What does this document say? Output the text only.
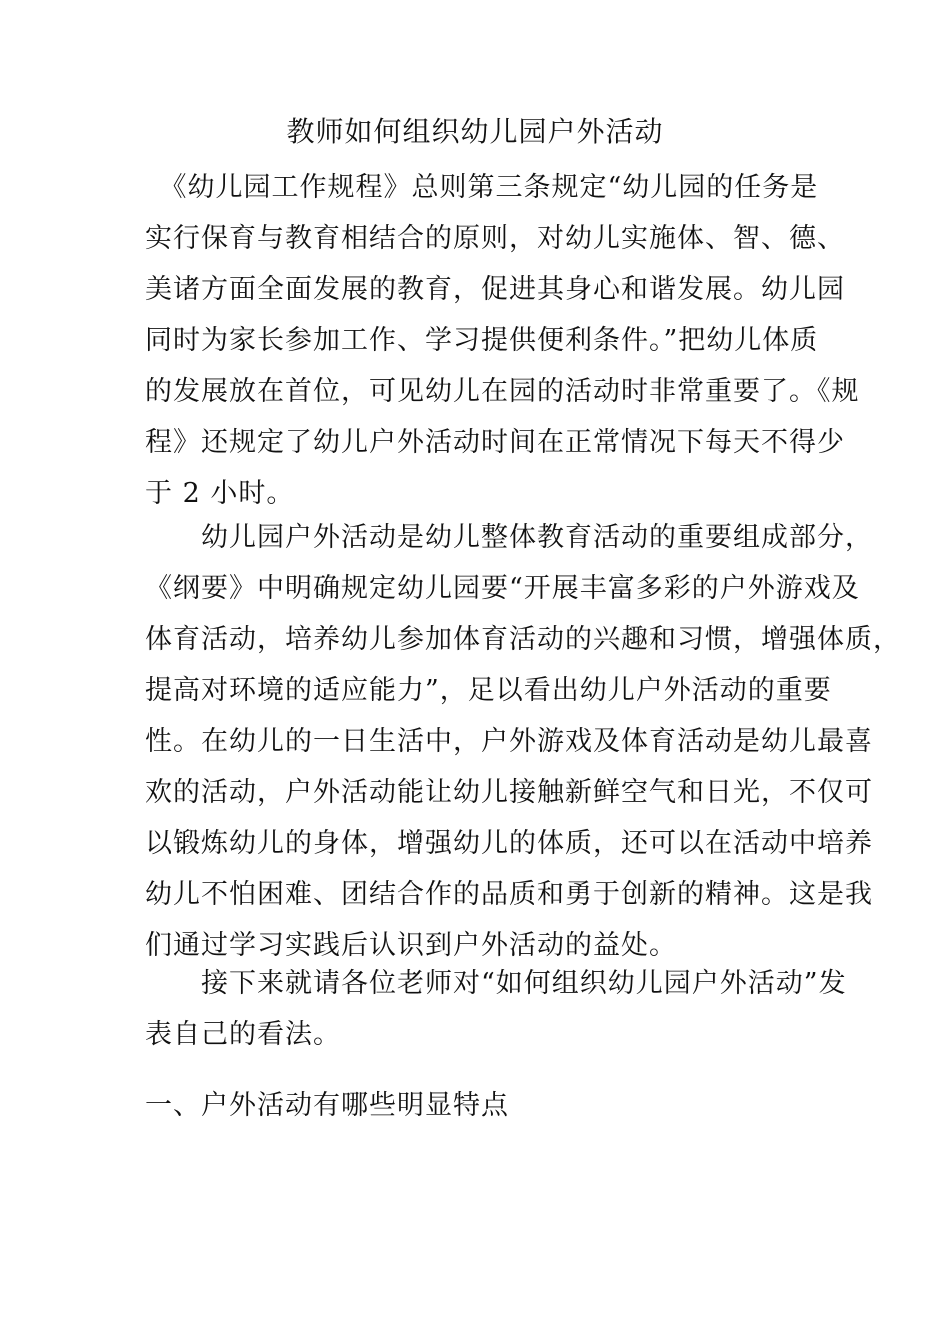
教师如何组织幼儿园户外活动

　《幼儿园工作规程》总则第三条规定“幼儿园的任务是
实行保育与教育相结合的原则，对幼儿实施体、智、德、
美诸方面全面发展的教育，促进其身心和谐发展。幼儿园
同时为家长参加工作、学习提供便利条件。”把幼儿体质
的发展放在首位，可见幼儿在园的活动时非常重要了。《规
程》还规定了幼儿户外活动时间在正常情况下每天不得少
于 2 小时。

　　幼儿园户外活动是幼儿整体教育活动的重要组成部分，
《纲要》中明确规定幼儿园要“开展丰富多彩的户外游戏及
体育活动，培养幼儿参加体育活动的兴趣和习惯，增强体质，
提高对环境的适应能力”，足以看出幼儿户外活动的重要
性。在幼儿的一日生活中，户外游戏及体育活动是幼儿最喜
欢的活动，户外活动能让幼儿接触新鲜空气和日光，不仅可
以锻炼幼儿的身体，增强幼儿的体质，还可以在活动中培养
幼儿不怕困难、团结合作的品质和勇于创新的精神。这是我
们通过学习实践后认识到户外活动的益处。

　　接下来就请各位老师对“如何组织幼儿园户外活动”发
表自己的看法。

一、户外活动有哪些明显特点
